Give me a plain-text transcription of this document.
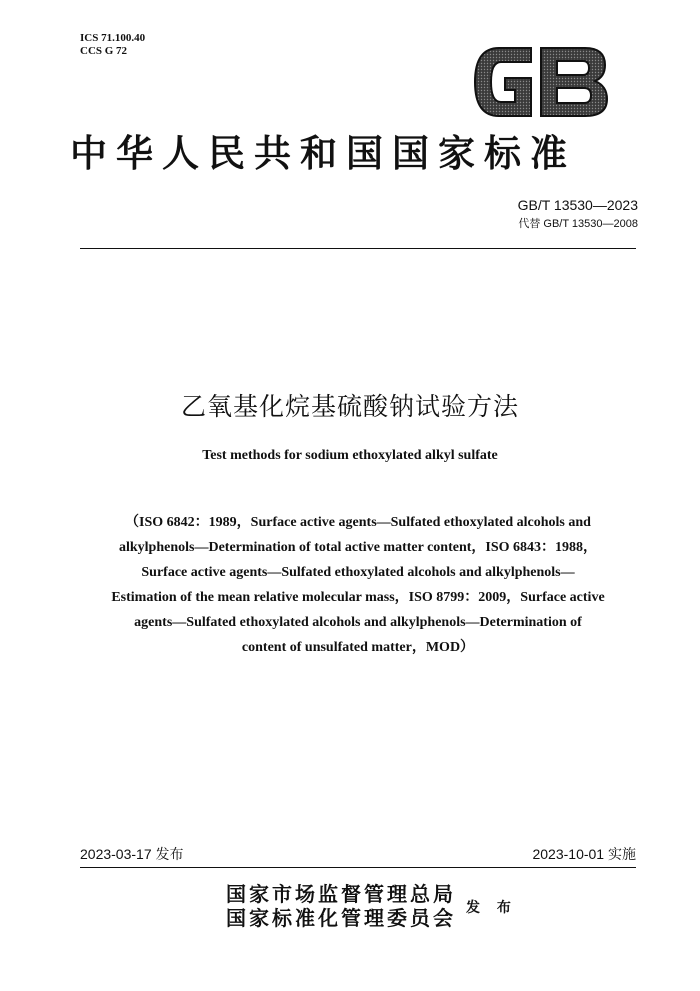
ICS 71.100.40
CCS G 72
中华人民共和国国家标准
GB/T 13530—2023
代替 GB/T 13530—2008
乙氧基化烷基硫酸钠试验方法
Test methods for sodium ethoxylated alkyl sulfate
（ISO 6842：1989，Surface active agents—Sulfated ethoxylated alcohols and
alkylphenols—Determination of total active matter content，ISO 6843：1988，
Surface active agents—Sulfated ethoxylated alcohols and alkylphenols—
Estimation of the mean relative molecular mass，ISO 8799：2009，Surface active
agents—Sulfated ethoxylated alcohols and alkylphenols—Determination of
content of unsulfated matter，MOD）
2023-03-17 发布	2023-10-01 实施
国家市场监督管理总局
国家标准化管理委员会 发 布
